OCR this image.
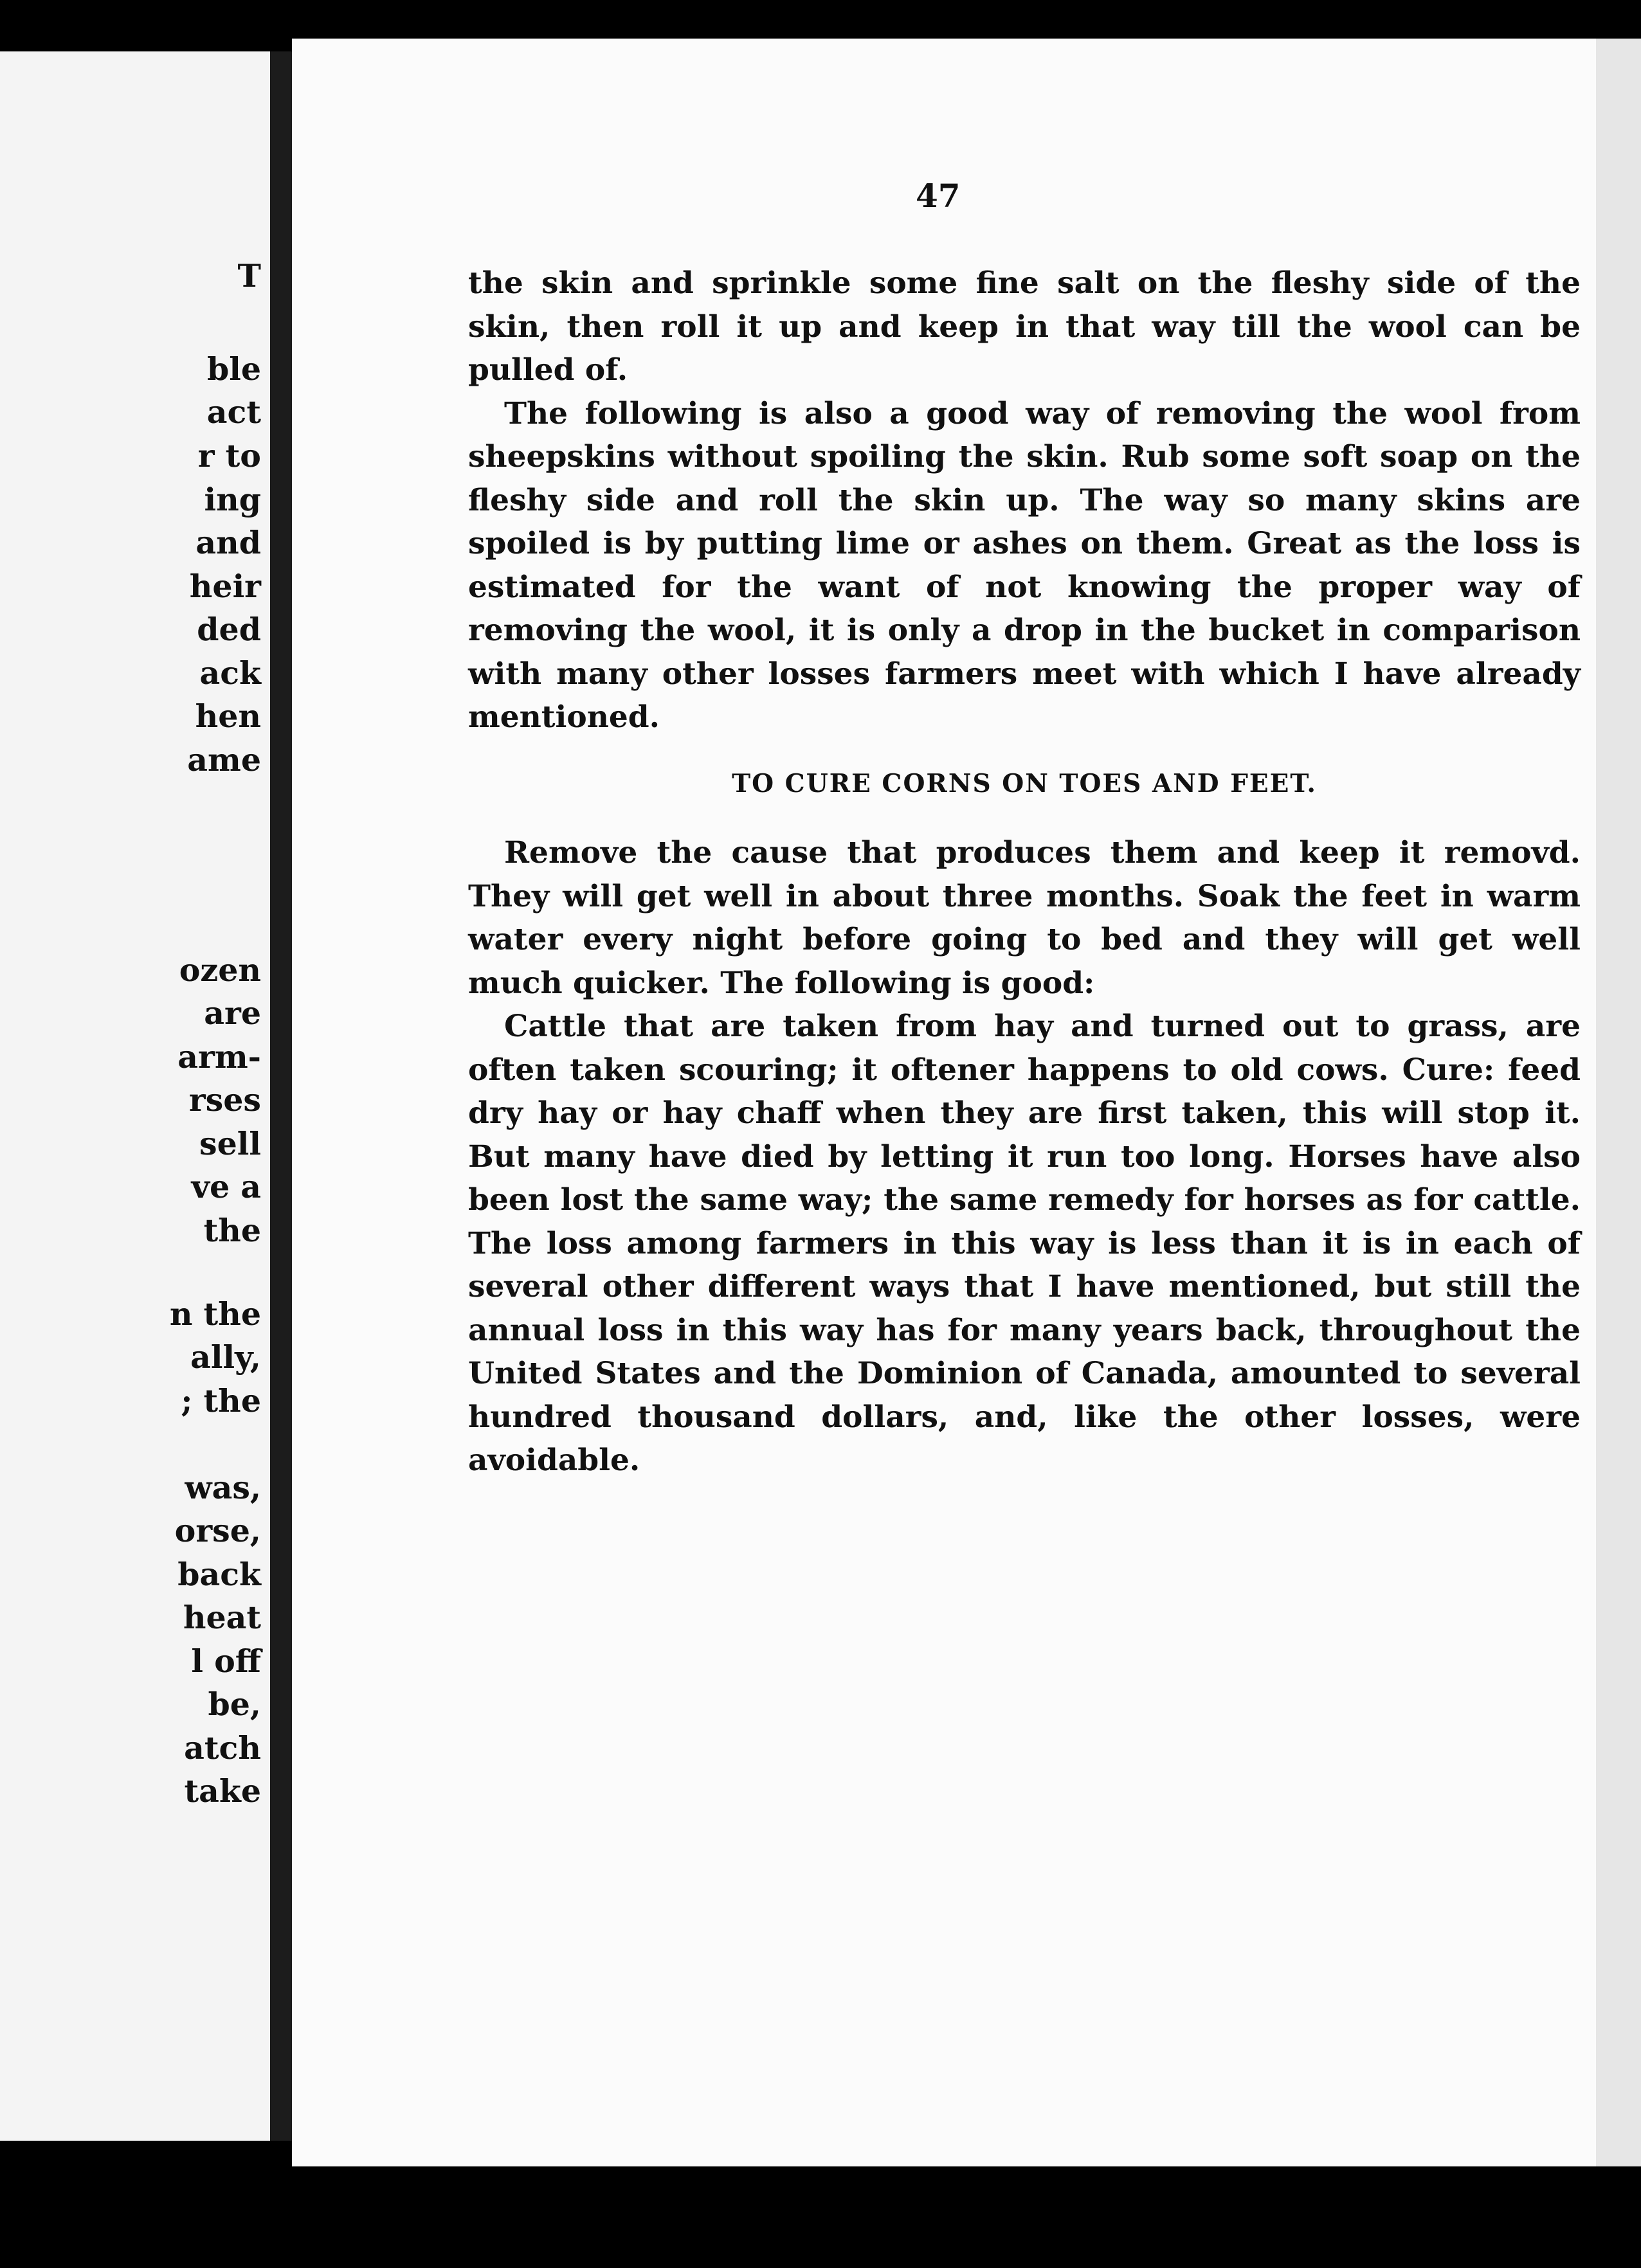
T
ble
act
r to
ing
and
heir
ded
ack
hen
ame
ozen
are
arm-
rses
sell
ve a
the
n the
ally,
; the
was,
orse,
back
heat
l off
be,
atch
take
47

the skin and sprinkle some fine salt on the fleshy side of the skin, then roll it up and keep in that way till the wool can be pulled of.

The following is also a good way of removing the wool from sheepskins without spoiling the skin. Rub some soft soap on the fleshy side and roll the skin up. The way so many skins are spoiled is by putting lime or ashes on them. Great as the loss is estimated for the want of not knowing the proper way of removing the wool, it is only a drop in the bucket in comparison with many other losses farmers meet with which I have already mentioned.

TO CURE CORNS ON TOES AND FEET.

Remove the cause that produces them and keep it removd. They will get well in about three months. Soak the feet in warm water every night before going to bed and they will get well much quicker. The following is good:

Cattle that are taken from hay and turned out to grass, are often taken scouring; it oftener happens to old cows. Cure: feed dry hay or hay chaff when they are first taken, this will stop it. But many have died by letting it run too long. Horses have also been lost the same way; the same remedy for horses as for cattle. The loss among farmers in this way is less than it is in each of several other different ways that I have mentioned, but still the annual loss in this way has for many years back, throughout the United States and the Dominion of Canada, amounted to several hundred thousand dollars, and, like the other losses, were avoidable.
